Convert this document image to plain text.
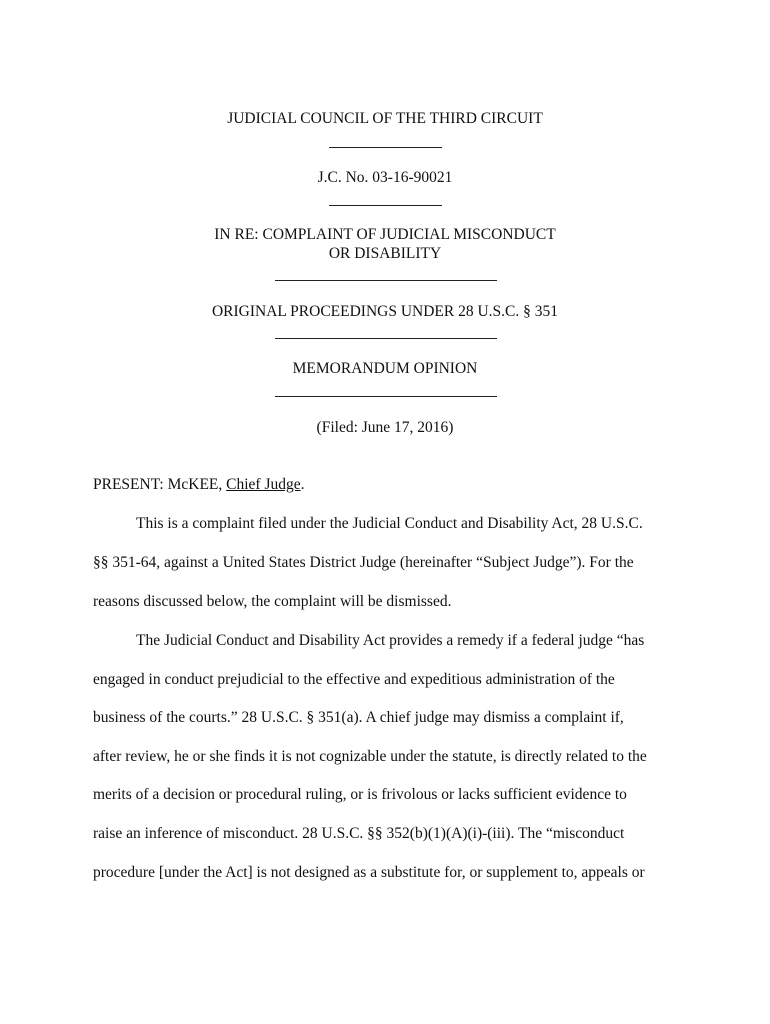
JUDICIAL COUNCIL OF THE THIRD CIRCUIT
J.C. No. 03-16-90021
IN RE: COMPLAINT OF JUDICIAL MISCONDUCT
OR DISABILITY
ORIGINAL PROCEEDINGS UNDER 28 U.S.C. § 351
MEMORANDUM OPINION
(Filed: June 17, 2016)
PRESENT: McKEE, Chief Judge.
This is a complaint filed under the Judicial Conduct and Disability Act, 28 U.S.C.
§§ 351-64, against a United States District Judge (hereinafter “Subject Judge”). For the
reasons discussed below, the complaint will be dismissed.
The Judicial Conduct and Disability Act provides a remedy if a federal judge “has
engaged in conduct prejudicial to the effective and expeditious administration of the
business of the courts.” 28 U.S.C. § 351(a). A chief judge may dismiss a complaint if,
after review, he or she finds it is not cognizable under the statute, is directly related to the
merits of a decision or procedural ruling, or is frivolous or lacks sufficient evidence to
raise an inference of misconduct. 28 U.S.C. §§ 352(b)(1)(A)(i)-(iii). The “misconduct
procedure [under the Act] is not designed as a substitute for, or supplement to, appeals or
